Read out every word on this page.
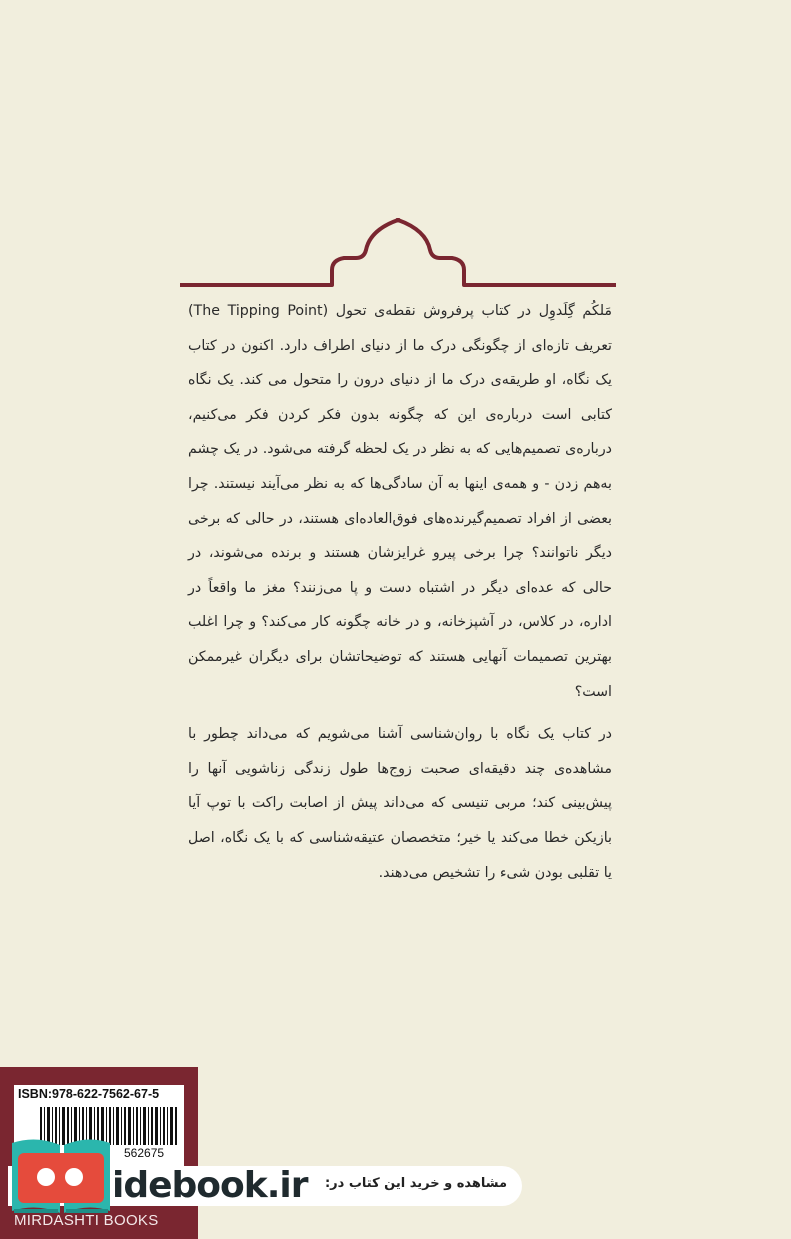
مَلکُم گِلَدوِل در کتاب پرفروش نقطه‌ی تحول (The Tipping Point) تعریف تازه‌ای از چگونگی درک ما از دنیای اطراف دارد. اکنون در کتاب یک نگاه، او طریقه‌ی درک ما از دنیای درون را متحول می کند. یک نگاه کتابی است درباره‌ی این که چگونه بدون فکر کردن فکر می‌کنیم، درباره‌ی تصمیم‌هایی که به نظر در یک لحظه گرفته می‌شود. در یک چشم به‌هم زدن - و همه‌ی اینها به آن سادگی‌ها که به نظر می‌آیند نیستند. چرا بعضی از افراد تصمیم‌گیرنده‌های فوق‌العاده‌ای هستند، در حالی که برخی دیگر ناتوانند؟ چرا برخی پیرو غرایزشان هستند و برنده می‌شوند، در حالی که عده‌ای دیگر در اشتباه دست و پا می‌زنند؟ مغز ما واقعاً در اداره، در کلاس، در آشپزخانه، و در خانه چگونه کار می‌کند؟ و چرا اغلب بهترین تصمیمات آنهایی هستند که توضیحاتشان برای دیگران غیرممکن است؟
در کتاب یک نگاه با روان‌شناسی آشنا می‌شویم که می‌داند چطور با مشاهده‌ی چند دقیقه‌ای صحبت زوج‌ها طول زندگی زناشویی آنها را پیش‌بینی کند؛ مربی تنیسی که می‌داند پیش از اصابت راکت با توپ آیا بازیکن خطا می‌کند یا خیر؛ متخصصان عتیقه‌شناسی که با یک نگاه، اصل یا تقلبی بودن شیء را تشخیص می‌دهند.
ISBN:978-622-7562-67-5
562675
idebook.ir	مشاهده و خرید این کتاب در:
MIRDASHTI BOOKS
